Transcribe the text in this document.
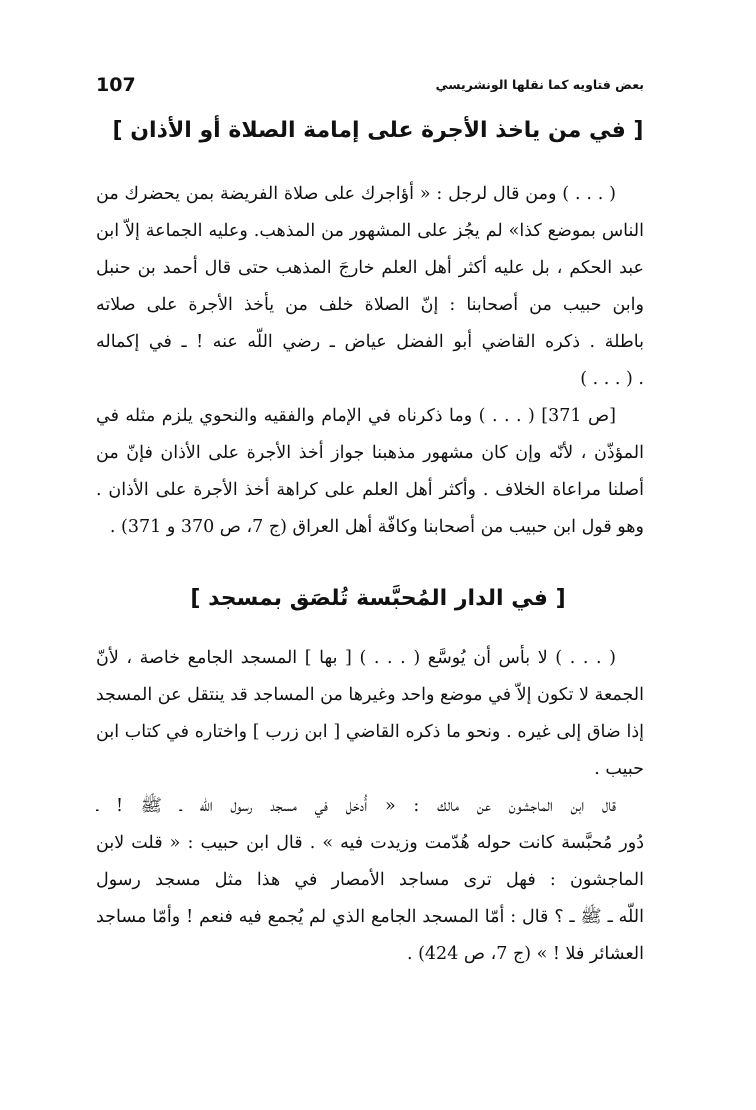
107	بعض فتاويه كما نقلها الونشريسي
[ في من ياخذ الأجرة على إمامة الصلاة أو الأذان ]
( . . . ) ومن قال لرجل : « أؤاجرك على صلاة الفريضة بمن يحضرك من
الناس بموضع كذا» لم يجُز على المشهور من المذهب. وعليه الجماعة إلاّ ابن
عبد الحكم ، بل عليه أكثر أهل العلم خارجَ المذهب حتى قال أحمد بن حنبل
وابن حبيب من أصحابنا : إنّ الصلاة خلف من يأخذ الأجرة على صلاته
باطلة . ذكره القاضي أبو الفضل عياض ـ رضي اللّه عنه ! ـ في إكماله
. ( . . . )
[ص 371] ( . . . ) وما ذكرناه في الإمام والفقيه والنحوي يلزم مثله في
المؤذّن ، لأنّه وإن كان مشهور مذهبنا جواز أخذ الأجرة على الأذان فإنّ من
أصلنا مراعاة الخلاف . وأكثر أهل العلم على كراهة أخذ الأجرة على الأذان .
وهو قول ابن حبيب من أصحابنا وكافّة أهل العراق (ج 7، ص 370 و 371) .
[ في الدار المُحبَّسة تُلصَق بمسجد ]
( . . . ) لا بأس أن يُوسَّع ( . . . ) [ بها ] المسجد الجامع خاصة ، لأنّ
الجمعة لا تكون إلاّ في موضع واحد وغيرها من المساجد قد ينتقل عن المسجد
إذا ضاق إلى غيره . ونحو ما ذكره القاضي [ ابن زرب ] واختاره في كتاب ابن
حبيب .
قال ابن الماجشون عن مالك : « أُدخل في مسجد رسول اللّه ـ ﷺ ! ـ
دُور مُحبَّسة كانت حوله هُدّمت وزيدت فيه » . قال ابن حبيب : « قلت لابن
الماجشون : فهل ترى مساجد الأمصار في هذا مثل مسجد رسول
اللّه ـ ﷺ ـ ؟ قال : أمّا المسجد الجامع الذي لم يُجمع فيه فنعم ! وأمّا مساجد
العشائر فلا ! » (ج 7، ص 424) .
